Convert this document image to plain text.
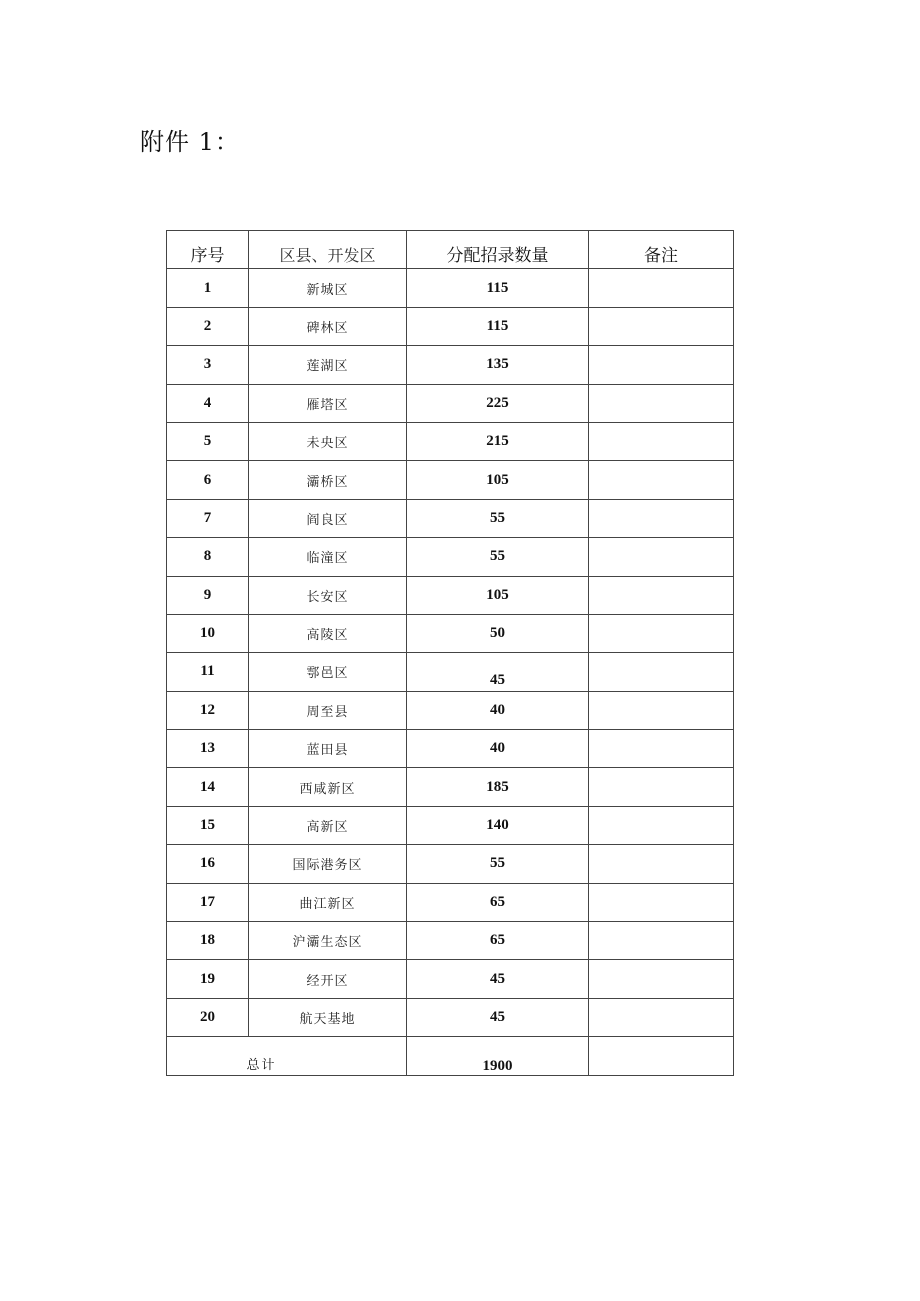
附件 1：
序号	区县、开发区	分配招录数量	备注
1	新城区	115	
2	碑林区	115	
3	莲湖区	135	
4	雁塔区	225	
5	未央区	215	
6	灞桥区	105	
7	阎良区	55	
8	临潼区	55	
9	长安区	105	
10	高陵区	50	
11	鄠邑区	45	
12	周至县	40	
13	蓝田县	40	
14	西咸新区	185	
15	高新区	140	
16	国际港务区	55	
17	曲江新区	65	
18	沪灞生态区	65	
19	经开区	45	
20	航天基地	45	
总计		1900	
